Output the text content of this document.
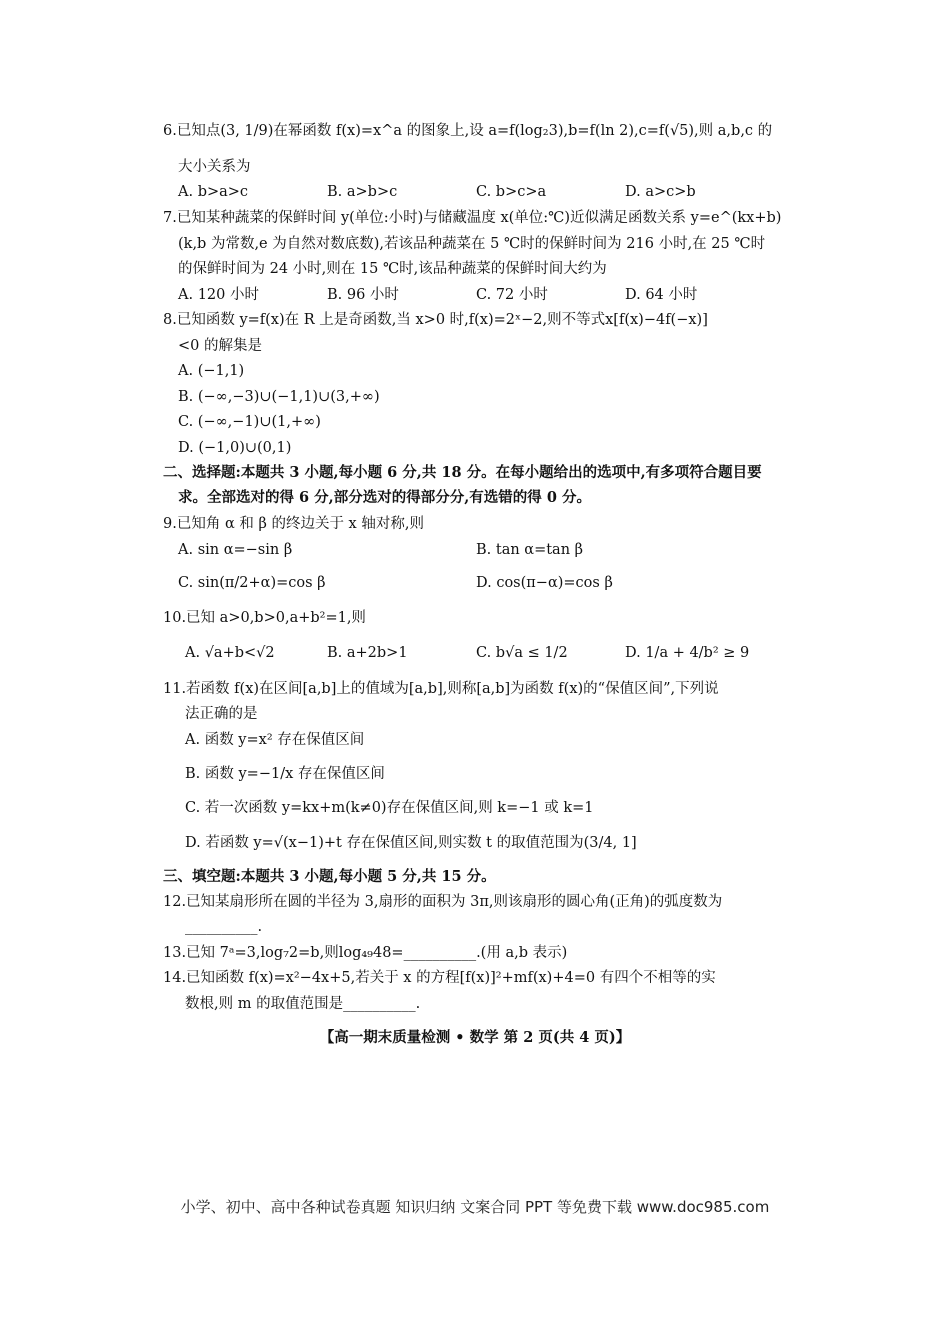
6.已知点(3, 1/9)在幂函数 f(x)=x^a 的图象上,设 a=f(log₂3),b=f(ln 2),c=f(√5),则 a,b,c 的
大小关系为
A. b>a>c	B. a>b>c	C. b>c>a	D. a>c>b
7.已知某种蔬菜的保鲜时间 y(单位:小时)与储藏温度 x(单位:℃)近似满足函数关系 y=e^(kx+b)
(k,b 为常数,e 为自然对数底数),若该品种蔬菜在 5 ℃时的保鲜时间为 216 小时,在 25 ℃时
的保鲜时间为 24 小时,则在 15 ℃时,该品种蔬菜的保鲜时间大约为
A. 120 小时	B. 96 小时	C. 72 小时	D. 64 小时
8.已知函数 y=f(x)在 R 上是奇函数,当 x>0 时,f(x)=2ˣ−2,则不等式x[f(x)−4f(−x)]
<0 的解集是
A. (−1,1)
B. (−∞,−3)∪(−1,1)∪(3,+∞)
C. (−∞,−1)∪(1,+∞)
D. (−1,0)∪(0,1)
二、选择题:本题共 3 小题,每小题 6 分,共 18 分。在每小题给出的选项中,有多项符合题目要
求。全部选对的得 6 分,部分选对的得部分分,有选错的得 0 分。
9.已知角 α 和 β 的终边关于 x 轴对称,则
A. sin α=−sin β	B. tan α=tan β
C. sin(π/2+α)=cos β	D. cos(π−α)=cos β
10.已知 a>0,b>0,a+b²=1,则
A. √a+b<√2	B. a+2b>1	C. b√a ≤ 1/2	D. 1/a + 4/b² ≥ 9
11.若函数 f(x)在区间[a,b]上的值域为[a,b],则称[a,b]为函数 f(x)的“保值区间”,下列说
法正确的是
A. 函数 y=x² 存在保值区间
B. 函数 y=−1/x 存在保值区间
C. 若一次函数 y=kx+m(k≠0)存在保值区间,则 k=−1 或 k=1
D. 若函数 y=√(x−1)+t 存在保值区间,则实数 t 的取值范围为(3/4, 1]
三、填空题:本题共 3 小题,每小题 5 分,共 15 分。
12.已知某扇形所在圆的半径为 3,扇形的面积为 3π,则该扇形的圆心角(正角)的弧度数为
__________.
13.已知 7ᵃ=3,log₇2=b,则log₄₉48=__________.(用 a,b 表示)
14.已知函数 f(x)=x²−4x+5,若关于 x 的方程[f(x)]²+mf(x)+4=0 有四个不相等的实
数根,则 m 的取值范围是__________.
【高一期末质量检测 • 数学 第 2 页(共 4 页)】
小学、初中、高中各种试卷真题 知识归纳 文案合同 PPT 等免费下载 www.doc985.com
